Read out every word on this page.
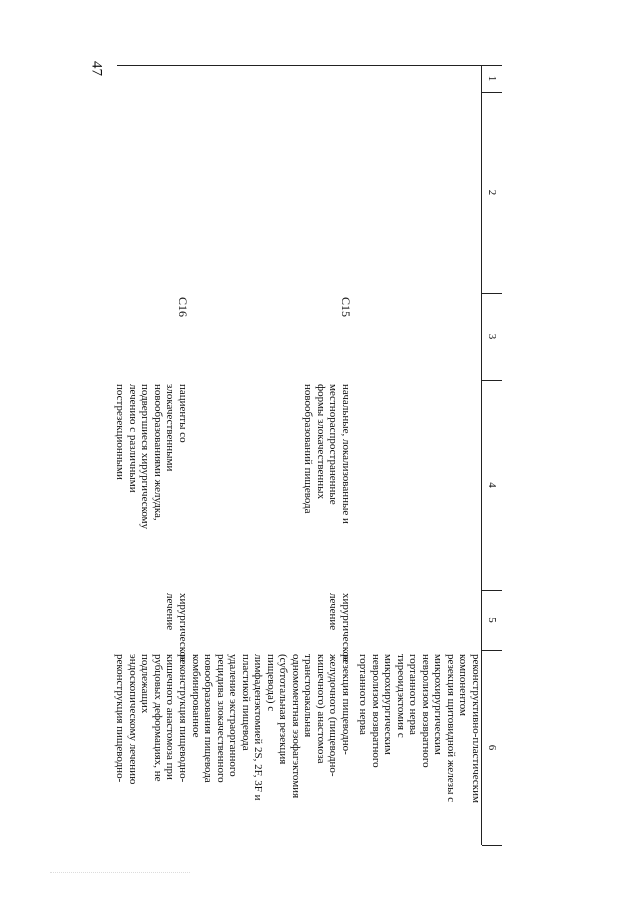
47
1
2
3
4
5
6
реконструктивно-пластическим
компонентом
резекция щитовидной железы с
микрохирургическим
невролизом возвратного
гортанного нерва
тиреоидэктомия с
микрохирургическим
невролизом возвратного
гортанного нерва
C15
начальные, локализованные и
местнораспространенные
формы злокачественных
новообразований пищевода
хирургическое
лечение
резекция пищеводно-
желудочного (пищеводно-
кишечного) анастомоза
трансторакальная
одномоментная эзофагэктомия
(субтотальная резекция
пищевода) с
лимфаденэктомией 2S, 2F, 3F и
пластикой пищевода
удаление экстраорганного
рецидива злокачественного
новообразования пищевода
комбинированное
C16
пациенты со
злокачественными
новообразованиями желудка,
подвергшиеся хирургическому
лечению с различными
пострезекционными
хирургическое
лечение
реконструкция пищеводно-
кишечного анастомоза при
рубцовых деформациях, не
подлежащих
эндоскопическому лечению
реконструкция пищеводно-
